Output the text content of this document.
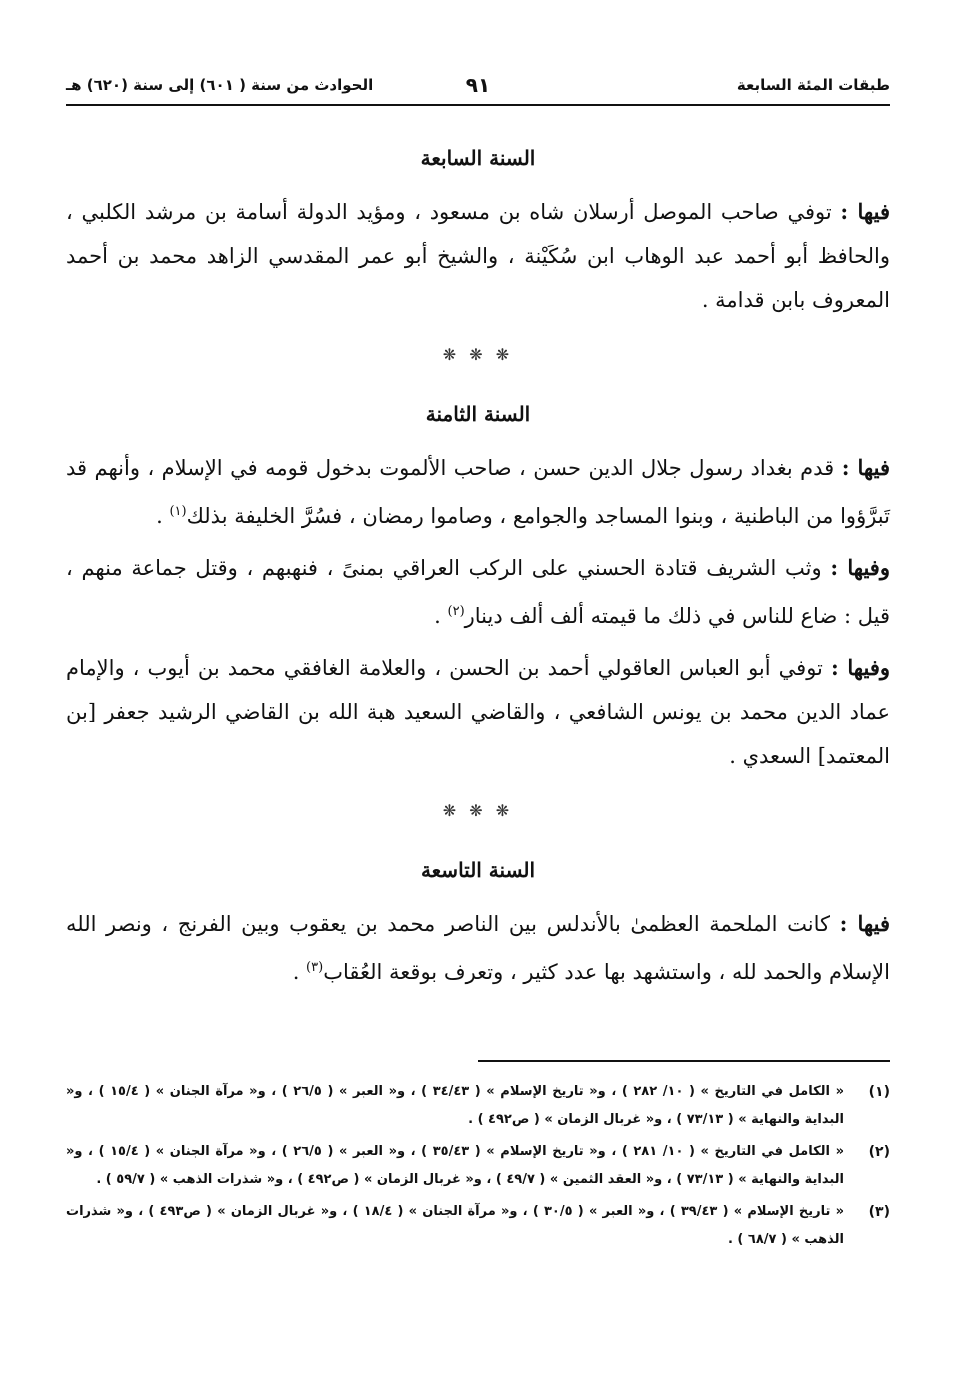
طبقات المئة السابعة
٩١
الحوادث من سنة ( ٦٠١) إلى سنة (٦٢٠) هـ
السنة السابعة

فيها : توفي صاحب الموصل أرسلان شاه بن مسعود ، ومؤيد الدولة أسامة بن مرشد الكلبي ، والحافظ أبو أحمد عبد الوهاب ابن سُكَيْنة ، والشيخ أبو عمر المقدسي الزاهد محمد بن أحمد المعروف بابن قدامة .

❋ ❋ ❋
السنة الثامنة

فيها : قدم بغداد رسول جلال الدين حسن ، صاحب الألموت بدخول قومه في الإسلام ، وأنهم قد تَبرَّؤوا من الباطنية ، وبنوا المساجد والجوامع ، وصاموا رمضان ، فسُرَّ الخليفة بذلك$^{(١)}$ .

وفيها : وثب الشريف قتادة الحسني على الركب العراقي بمنىً ، فنهبهم ، وقتل جماعة منهم ، قيل : ضاع للناس في ذلك ما قيمته ألف ألف دينار$^{(٢)}$ .

وفيها : توفي أبو العباس العاقولي أحمد بن الحسن ، والعلامة الغافقي محمد بن أيوب ، والإمام عماد الدين محمد بن يونس الشافعي ، والقاضي السعيد هبة الله بن القاضي الرشيد جعفر [بن المعتمد] السعدي .

❋ ❋ ❋
السنة التاسعة

فيها : كانت الملحمة العظمىٰ بالأندلس بين الناصر محمد بن يعقوب وبين الفرنج ، ونصر الله الإسلام والحمد لله ، واستشهد بها عدد كثير ، وتعرف بوقعة العُقاب$^{(٣)}$ .

(١)
« الكامل في التاريخ » ( ١٠/ ٢٨٢ ) ، و« تاريخ الإسلام » ( ٣٤/٤٣ ) ، و« العبر » ( ٢٦/٥ ) ، و« مرآة الجنان » ( ١٥/٤ ) ، و« البداية والنهاية » ( ٧٣/١٣ ) ، و« غربال الزمان » ( ص٤٩٢ ) .
(٢)
« الكامل في التاريخ » ( ١٠/ ٢٨١ ) ، و« تاريخ الإسلام » ( ٣٥/٤٣ ) ، و« العبر » ( ٢٦/٥ ) ، و« مرآة الجنان » ( ١٥/٤ ) ، و« البداية والنهاية » ( ٧٣/١٣ ) ، و« العقد الثمين » ( ٤٩/٧ ) ، و« غربال الزمان » ( ص٤٩٢ ) ، و« شذرات الذهب » ( ٥٩/٧ ) .
(٣)
« تاريخ الإسلام » ( ٣٩/٤٣ ) ، و« العبر » ( ٣٠/٥ ) ، و« مرآة الجنان » ( ١٨/٤ ) ، و« غربال الزمان » ( ص٤٩٣ ) ، و« شذرات الذهب » ( ٦٨/٧ ) .
